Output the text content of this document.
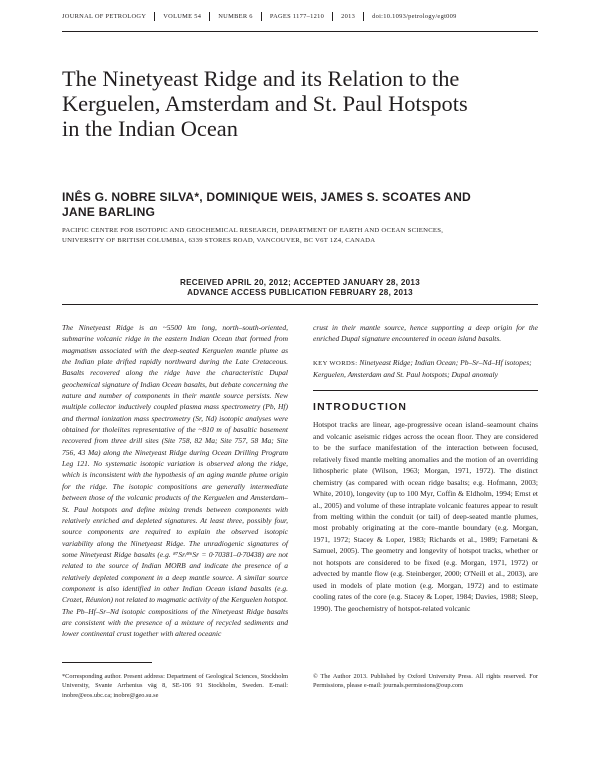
JOURNAL OF PETROLOGY	VOLUME 54	NUMBER 6	PAGES 1177–1210	2013	doi:10.1093/petrology/egt009
The Ninetyeast Ridge and its Relation to the
Kerguelen, Amsterdam and St. Paul Hotspots
in the Indian Ocean
INÊS G. NOBRE SILVA*, DOMINIQUE WEIS, JAMES S. SCOATES AND
JANE BARLING
PACIFIC CENTRE FOR ISOTOPIC AND GEOCHEMICAL RESEARCH, DEPARTMENT OF EARTH AND OCEAN SCIENCES,
UNIVERSITY OF BRITISH COLUMBIA, 6339 STORES ROAD, VANCOUVER, BC V6T 1Z4, CANADA
RECEIVED APRIL 20, 2012; ACCEPTED JANUARY 28, 2013
ADVANCE ACCESS PUBLICATION FEBRUARY 28, 2013

The Ninetyeast Ridge is an ~5500 km long, north–south-oriented, submarine volcanic ridge in the eastern Indian Ocean that formed from magmatism associated with the deep-seated Kerguelen mantle plume as the Indian plate drifted rapidly northward during the Late Cretaceous. Basalts recovered along the ridge have the characteristic Dupal geochemical signature of Indian Ocean basalts, but debate concerning the nature and number of components in their mantle source persists. New multiple collector inductively coupled plasma mass spectrometry (Pb, Hf) and thermal ionization mass spectrometry (Sr, Nd) isotopic analyses were obtained for tholeiites representative of the ~810 m of basaltic basement recovered from three drill sites (Site 758, 82 Ma; Site 757, 58 Ma; Site 756, 43 Ma) along the Ninetyeast Ridge during Ocean Drilling Program Leg 121. No systematic isotopic variation is observed along the ridge, which is inconsistent with the hypothesis of an aging mantle plume origin for the ridge. The isotopic compositions are generally intermediate between those of the volcanic products of the Kerguelen and Amsterdam–St. Paul hotspots and define mixing trends between components with relatively enriched and depleted signatures. At least three, possibly four, source components are required to explain the observed isotopic variability along the Ninetyeast Ridge. The unradiogenic signatures of some Ninetyeast Ridge basalts (e.g. ⁸⁷Sr/⁸⁶Sr = 0·70381–0·70438) are not related to the source of Indian MORB and indicate the presence of a relatively depleted component in a deep mantle source. A similar source component is also identified in other Indian Ocean island basalts (e.g. Crozet, Réunion) not related to magmatic activity of the Kerguelen hotspot. The Pb–Hf–Sr–Nd isotopic compositions of the Ninetyeast Ridge basalts are consistent with the presence of a mixture of recycled sediments and lower continental crust together with altered oceanic

crust in their mantle source, hence supporting a deep origin for the enriched Dupal signature encountered in ocean island basalts.

KEY WORDS: Ninetyeast Ridge; Indian Ocean; Pb–Sr–Nd–Hf isotopes; Kerguelen, Amsterdam and St. Paul hotspots; Dupal anomaly

INTRODUCTION

Hotspot tracks are linear, age-progressive ocean island–seamount chains and volcanic aseismic ridges across the ocean floor. They are considered to be the surface manifestation of the interaction between focused, relatively fixed mantle melting anomalies and the motion of an overriding lithospheric plate (Wilson, 1963; Morgan, 1971, 1972). The distinct chemistry (as compared with ocean ridge basalts; e.g. Hofmann, 2003; White, 2010), longevity (up to 100 Myr, Coffin & Eldholm, 1994; Ernst et al., 2005) and volume of these intraplate volcanic features appear to result from melting within the conduit (or tail) of deep-seated mantle plumes, most probably originating at the core–mantle boundary (e.g. Morgan, 1971, 1972; Stacey & Loper, 1983; Richards et al., 1989; Farnetani & Samuel, 2005). The geometry and longevity of hotspot tracks, whether or not hotspots are considered to be fixed (e.g. Morgan, 1971, 1972) or advected by mantle flow (e.g. Steinberger, 2000; O'Neill et al., 2003), are used in models of plate motion (e.g. Morgan, 1972) and to estimate cooling rates of the core (e.g. Stacey & Loper, 1984; Davies, 1988; Sleep, 1990). The geochemistry of hotspot-related volcanic

*Corresponding author. Present address: Department of Geological Sciences, Stockholm University, Svante Arrhenius väg 8, SE-106 91 Stockholm, Sweden. E-mail: inobre@eos.ubc.ca; inobre@geo.su.se
© The Author 2013. Published by Oxford University Press. All rights reserved. For Permissions, please e-mail: journals.permissions@oup.com
